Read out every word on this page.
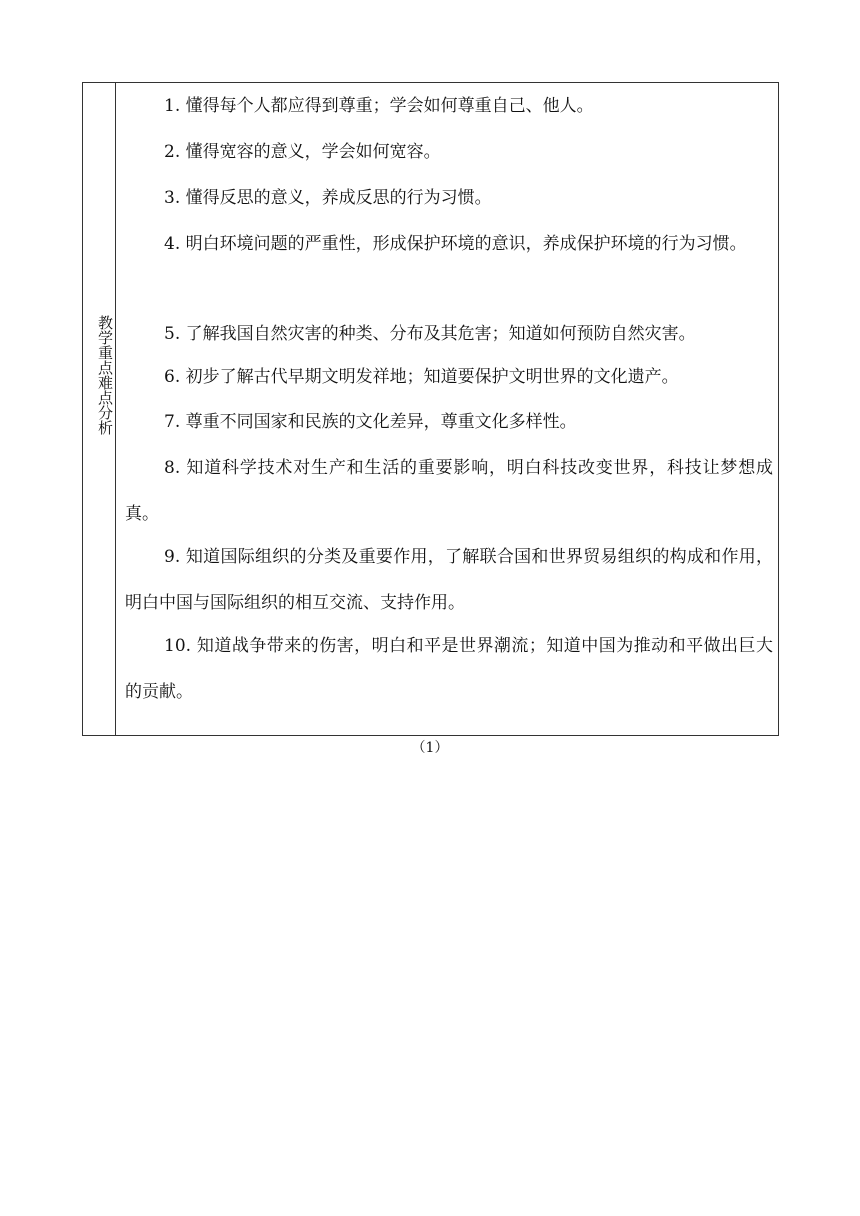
教学重点难点分析

1. 懂得每个人都应得到尊重；学会如何尊重自己、他人。

2. 懂得宽容的意义，学会如何宽容。

3. 懂得反思的意义，养成反思的行为习惯。

4. 明白环境问题的严重性，形成保护环境的意识，养成保护环境的行为习惯。

5. 了解我国自然灾害的种类、分布及其危害；知道如何预防自然灾害。

6. 初步了解古代早期文明发祥地；知道要保护文明世界的文化遗产。

7. 尊重不同国家和民族的文化差异，尊重文化多样性。

8. 知道科学技术对生产和生活的重要影响，明白科技改变世界，科技让梦想成真。

9. 知道国际组织的分类及重要作用，了解联合国和世界贸易组织的构成和作用，明白中国与国际组织的相互交流、支持作用。

10. 知道战争带来的伤害，明白和平是世界潮流；知道中国为推动和平做出巨大的贡献。

（1）
